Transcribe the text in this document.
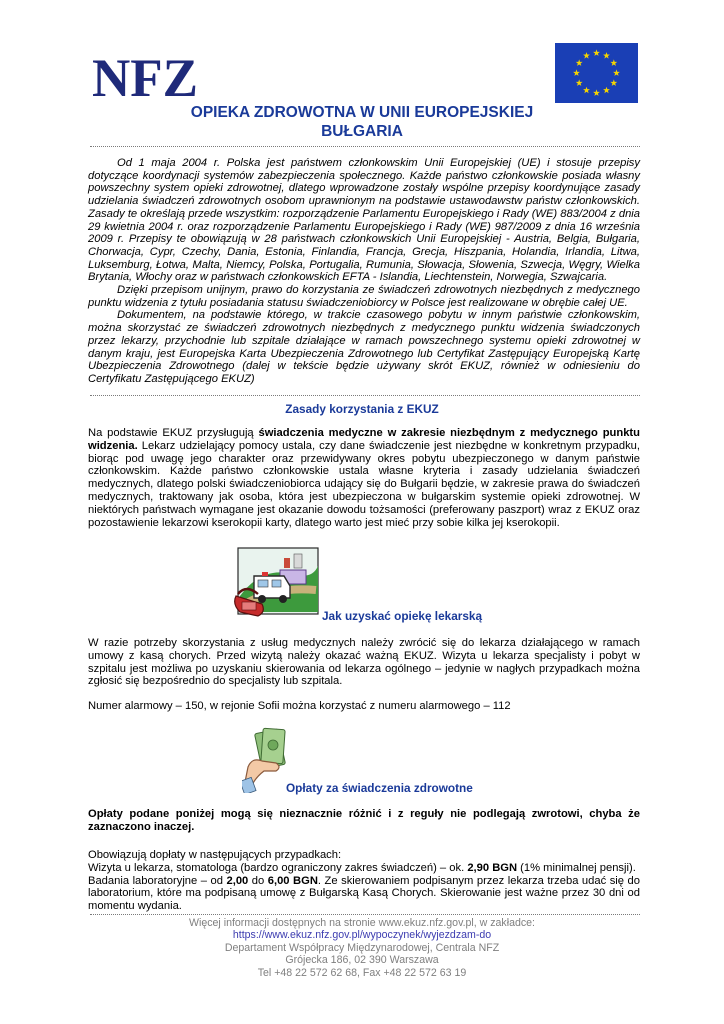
NFZ
OPIEKA ZDROWOTNA W UNII EUROPEJSKIEJ
BUŁGARIA

Od 1 maja 2004 r. Polska jest państwem członkowskim Unii Europejskiej (UE) i stosuje przepisy dotyczące koordynacji systemów zabezpieczenia społecznego. Każde państwo członkowskie posiada własny powszechny system opieki zdrowotnej, dlatego wprowadzone zostały wspólne przepisy koordynujące zasady udzielania świadczeń zdrowotnych osobom uprawnionym na podstawie ustawodawstw państw członkowskich. Zasady te określają przede wszystkim: rozporządzenie Parlamentu Europejskiego i Rady (WE) 883/2004 z dnia 29 kwietnia 2004 r. oraz rozporządzenie Parlamentu Europejskiego i Rady (WE) 987/2009 z dnia 16 września 2009 r. Przepisy te obowiązują w 28 państwach członkowskich Unii Europejskiej - Austria, Belgia, Bułgaria, Chorwacja, Cypr, Czechy, Dania, Estonia, Finlandia, Francja, Grecja, Hiszpania, Holandia, Irlandia, Litwa, Luksemburg, Łotwa, Malta, Niemcy, Polska, Portugalia, Rumunia, Słowacja, Słowenia, Szwecja, Węgry, Wielka Brytania, Włochy oraz w państwach członkowskich EFTA - Islandia, Liechtenstein, Norwegia, Szwajcaria.

Dzięki przepisom unijnym, prawo do korzystania ze świadczeń zdrowotnych niezbędnych z medycznego punktu widzenia z tytułu posiadania statusu świadczeniobiorcy w Polsce jest realizowane w obrębie całej UE.

Dokumentem, na podstawie którego, w trakcie czasowego pobytu w innym państwie członkowskim, można skorzystać ze świadczeń zdrowotnych niezbędnych z medycznego punktu widzenia świadczonych przez lekarzy, przychodnie lub szpitale działające w ramach powszechnego systemu opieki zdrowotnej w danym kraju, jest Europejska Karta Ubezpieczenia Zdrowotnego lub Certyfikat Zastępujący Europejską Kartę Ubezpieczenia Zdrowotnego (dalej w tekście będzie używany skrót EKUZ, również w odniesieniu do Certyfikatu Zastępującego EKUZ)

Zasady korzystania z EKUZ
Na podstawie EKUZ przysługują świadczenia medyczne w zakresie niezbędnym z medycznego punktu widzenia. Lekarz udzielający pomocy ustala, czy dane świadczenie jest niezbędne w konkretnym przypadku, biorąc pod uwagę jego charakter oraz przewidywany okres pobytu ubezpieczonego w danym państwie członkowskim. Każde państwo członkowskie ustala własne kryteria i zasady udzielania świadczeń medycznych, dlatego polski świadczeniobiorca udający się do Bułgarii będzie, w zakresie prawa do świadczeń medycznych, traktowany jak osoba, która jest ubezpieczona w bułgarskim systemie opieki zdrowotnej. W niektórych państwach wymagane jest okazanie dowodu tożsamości (preferowany paszport) wraz z EKUZ oraz pozostawienie lekarzowi kserokopii karty, dlatego warto jest mieć przy sobie kilka jej kserokopii.
Jak uzyskać opiekę lekarską
W razie potrzeby skorzystania z usług medycznych należy zwrócić się do lekarza działającego w ramach umowy z kasą chorych. Przed wizytą należy okazać ważną EKUZ. Wizyta u lekarza specjalisty i pobyt w szpitalu jest możliwa po uzyskaniu skierowania od lekarza ogólnego – jedynie w nagłych przypadkach można zgłosić się bezpośrednio do specjalisty lub szpitala.
Numer alarmowy – 150, w rejonie Sofii można korzystać z numeru alarmowego – 112
Opłaty za świadczenia zdrowotne
Opłaty podane poniżej mogą się nieznacznie różnić i z reguły nie podlegają zwrotowi, chyba że zaznaczono inaczej.
Obowiązują dopłaty w następujących przypadkach:
Wizyta u lekarza, stomatologa (bardzo ograniczony zakres świadczeń) – ok. 2,90 BGN (1% minimalnej pensji).
Badania laboratoryjne – od 2,00 do 6,00 BGN. Ze skierowaniem podpisanym przez lekarza trzeba udać się do laboratorium, które ma podpisaną umowę z Bułgarską Kasą Chorych. Skierowanie jest ważne przez 30 dni od momentu wydania.
Więcej informacji dostępnych na stronie www.ekuz.nfz.gov.pl, w zakładce:
https://www.ekuz.nfz.gov.pl/wypoczynek/wyjezdzam-do
Departament Współpracy Międzynarodowej, Centrala NFZ
Grójecka 186, 02 390 Warszawa
Tel +48 22 572 62 68, Fax +48 22 572 63 19
